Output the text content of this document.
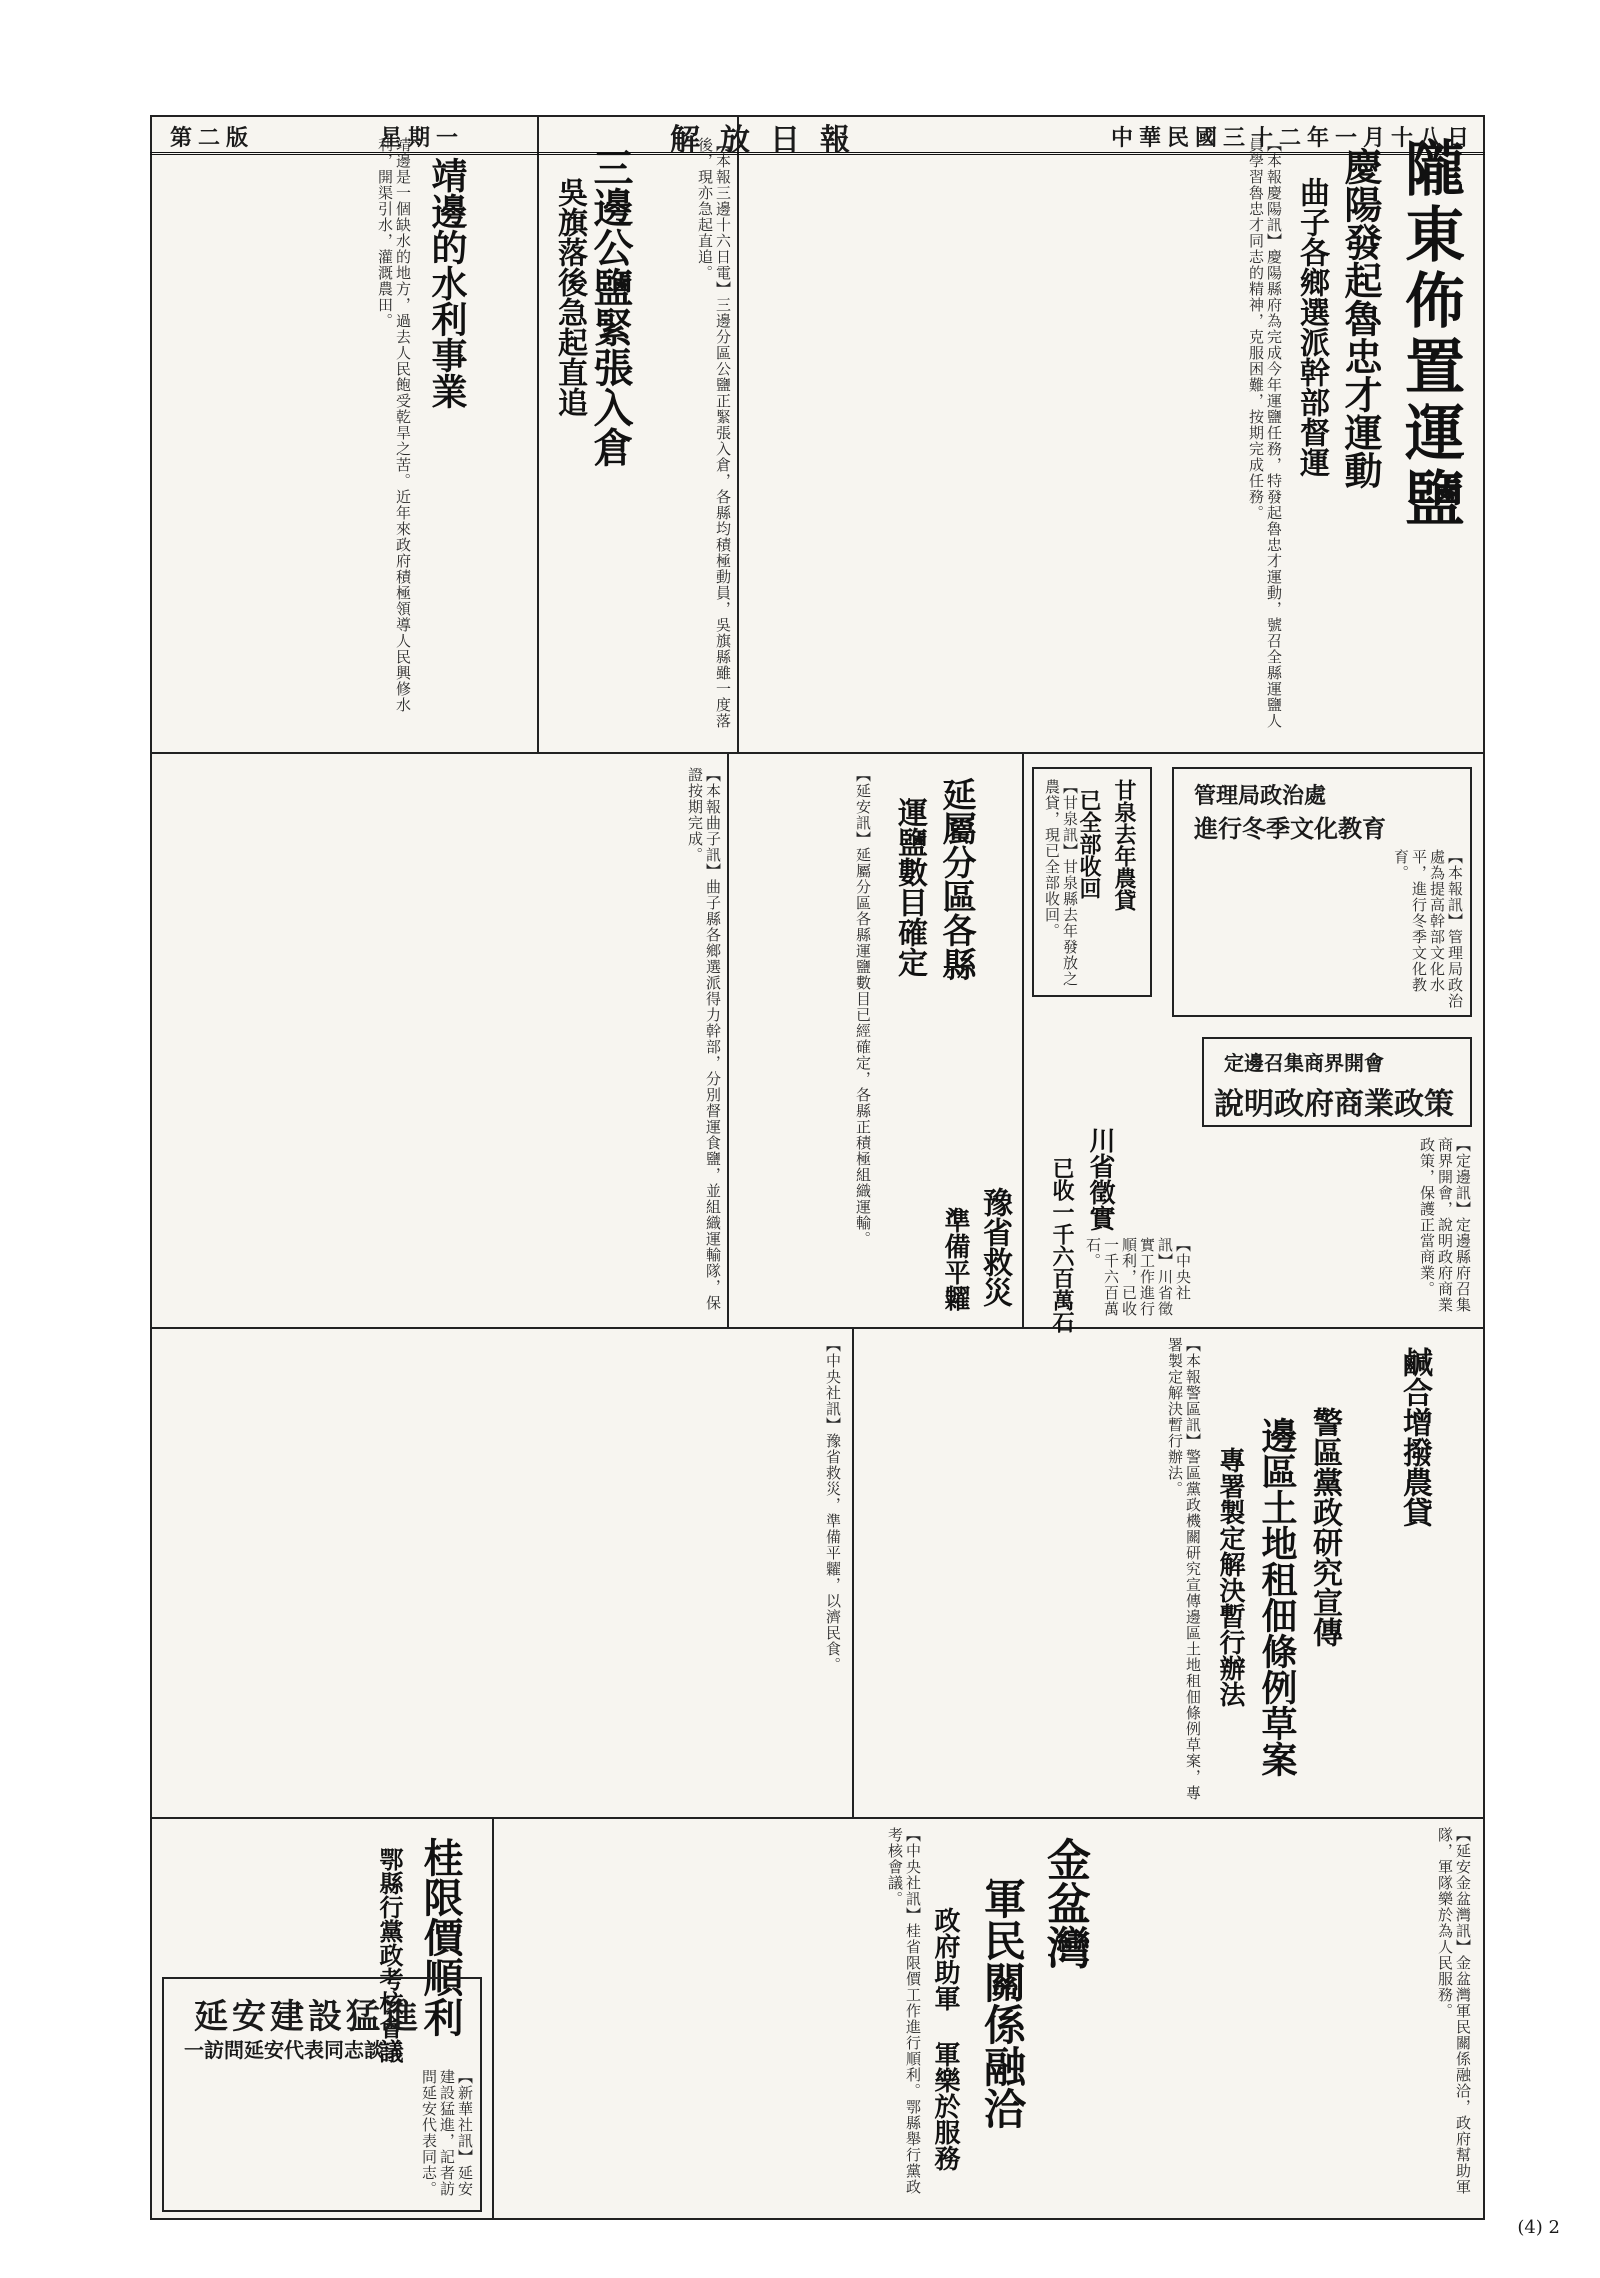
隴東佈置運鹽
慶陽發起魯忠才運動
曲子各鄉選派幹部督運
【本報慶陽訊】慶陽縣府為完成今年運鹽任務，特發起魯忠才運動，號召全縣運鹽人員學習魯忠才同志的精神，克服困難，按期完成任務。
三邊公鹽緊張入倉
吳旗落後急起直追	【本報三邊十六日電】三邊分區公鹽正緊張入倉，各縣均積極動員，吳旗縣雖一度落後，現亦急起直追。
靖邊的水利事業
靖邊是一個缺水的地方，過去人民飽受乾旱之苦。近年來政府積極領導人民興修水利，開渠引水，灌溉農田。
延屬分區各縣
運鹽數目確定
【延安訊】延屬分區各縣運鹽數目已經確定，各縣正積極組織運輸。	甘泉去年農貸
已全部收回
【甘泉訊】甘泉縣去年發放之農貸，現已全部收回。	管理局政治處
進行冬季文化教育
【本報訊】管理局政治處為提高幹部文化水平，進行冬季文化教育。
定邊召集商界開會
說明政府商業政策
【定邊訊】定邊縣府召集商界開會，說明政府商業政策，保護正當商業。
川省徵實
已收一千六百萬石
豫省救災
準備平糶
【本報曲子訊】曲子縣各鄉選派得力幹部，分別督運食鹽，並組織運輸隊，保證按期完成。
【中央社訊】川省徵實工作進行順利，已收一千六百萬石。
鹹合增撥農貸
警區黨政研究宣傳
邊區土地租佃條例草案
專署製定解決暫行辦法
【本報警區訊】警區黨政機關研究宣傳邊區土地租佃條例草案，專署製定解決暫行辦法。
【中央社訊】豫省救災，準備平糶，以濟民食。
金盆灣
軍民關係融洽
政府助軍 軍樂於服務	【延安金盆灣訊】金盆灣軍民關係融洽，政府幫助軍隊，軍隊樂於為人民服務。
【中央社訊】桂省限價工作進行順利。鄂縣舉行黨政考核會議。
桂限價順利
鄂縣行黨政考核會議
延安建設猛進
一訪問延安代表同志談一
【新華社訊】延安建設猛進，記者訪問延安代表同志。
中華民國三十二年一月十八日
解放日報
星期一
第二版
(4) 2
